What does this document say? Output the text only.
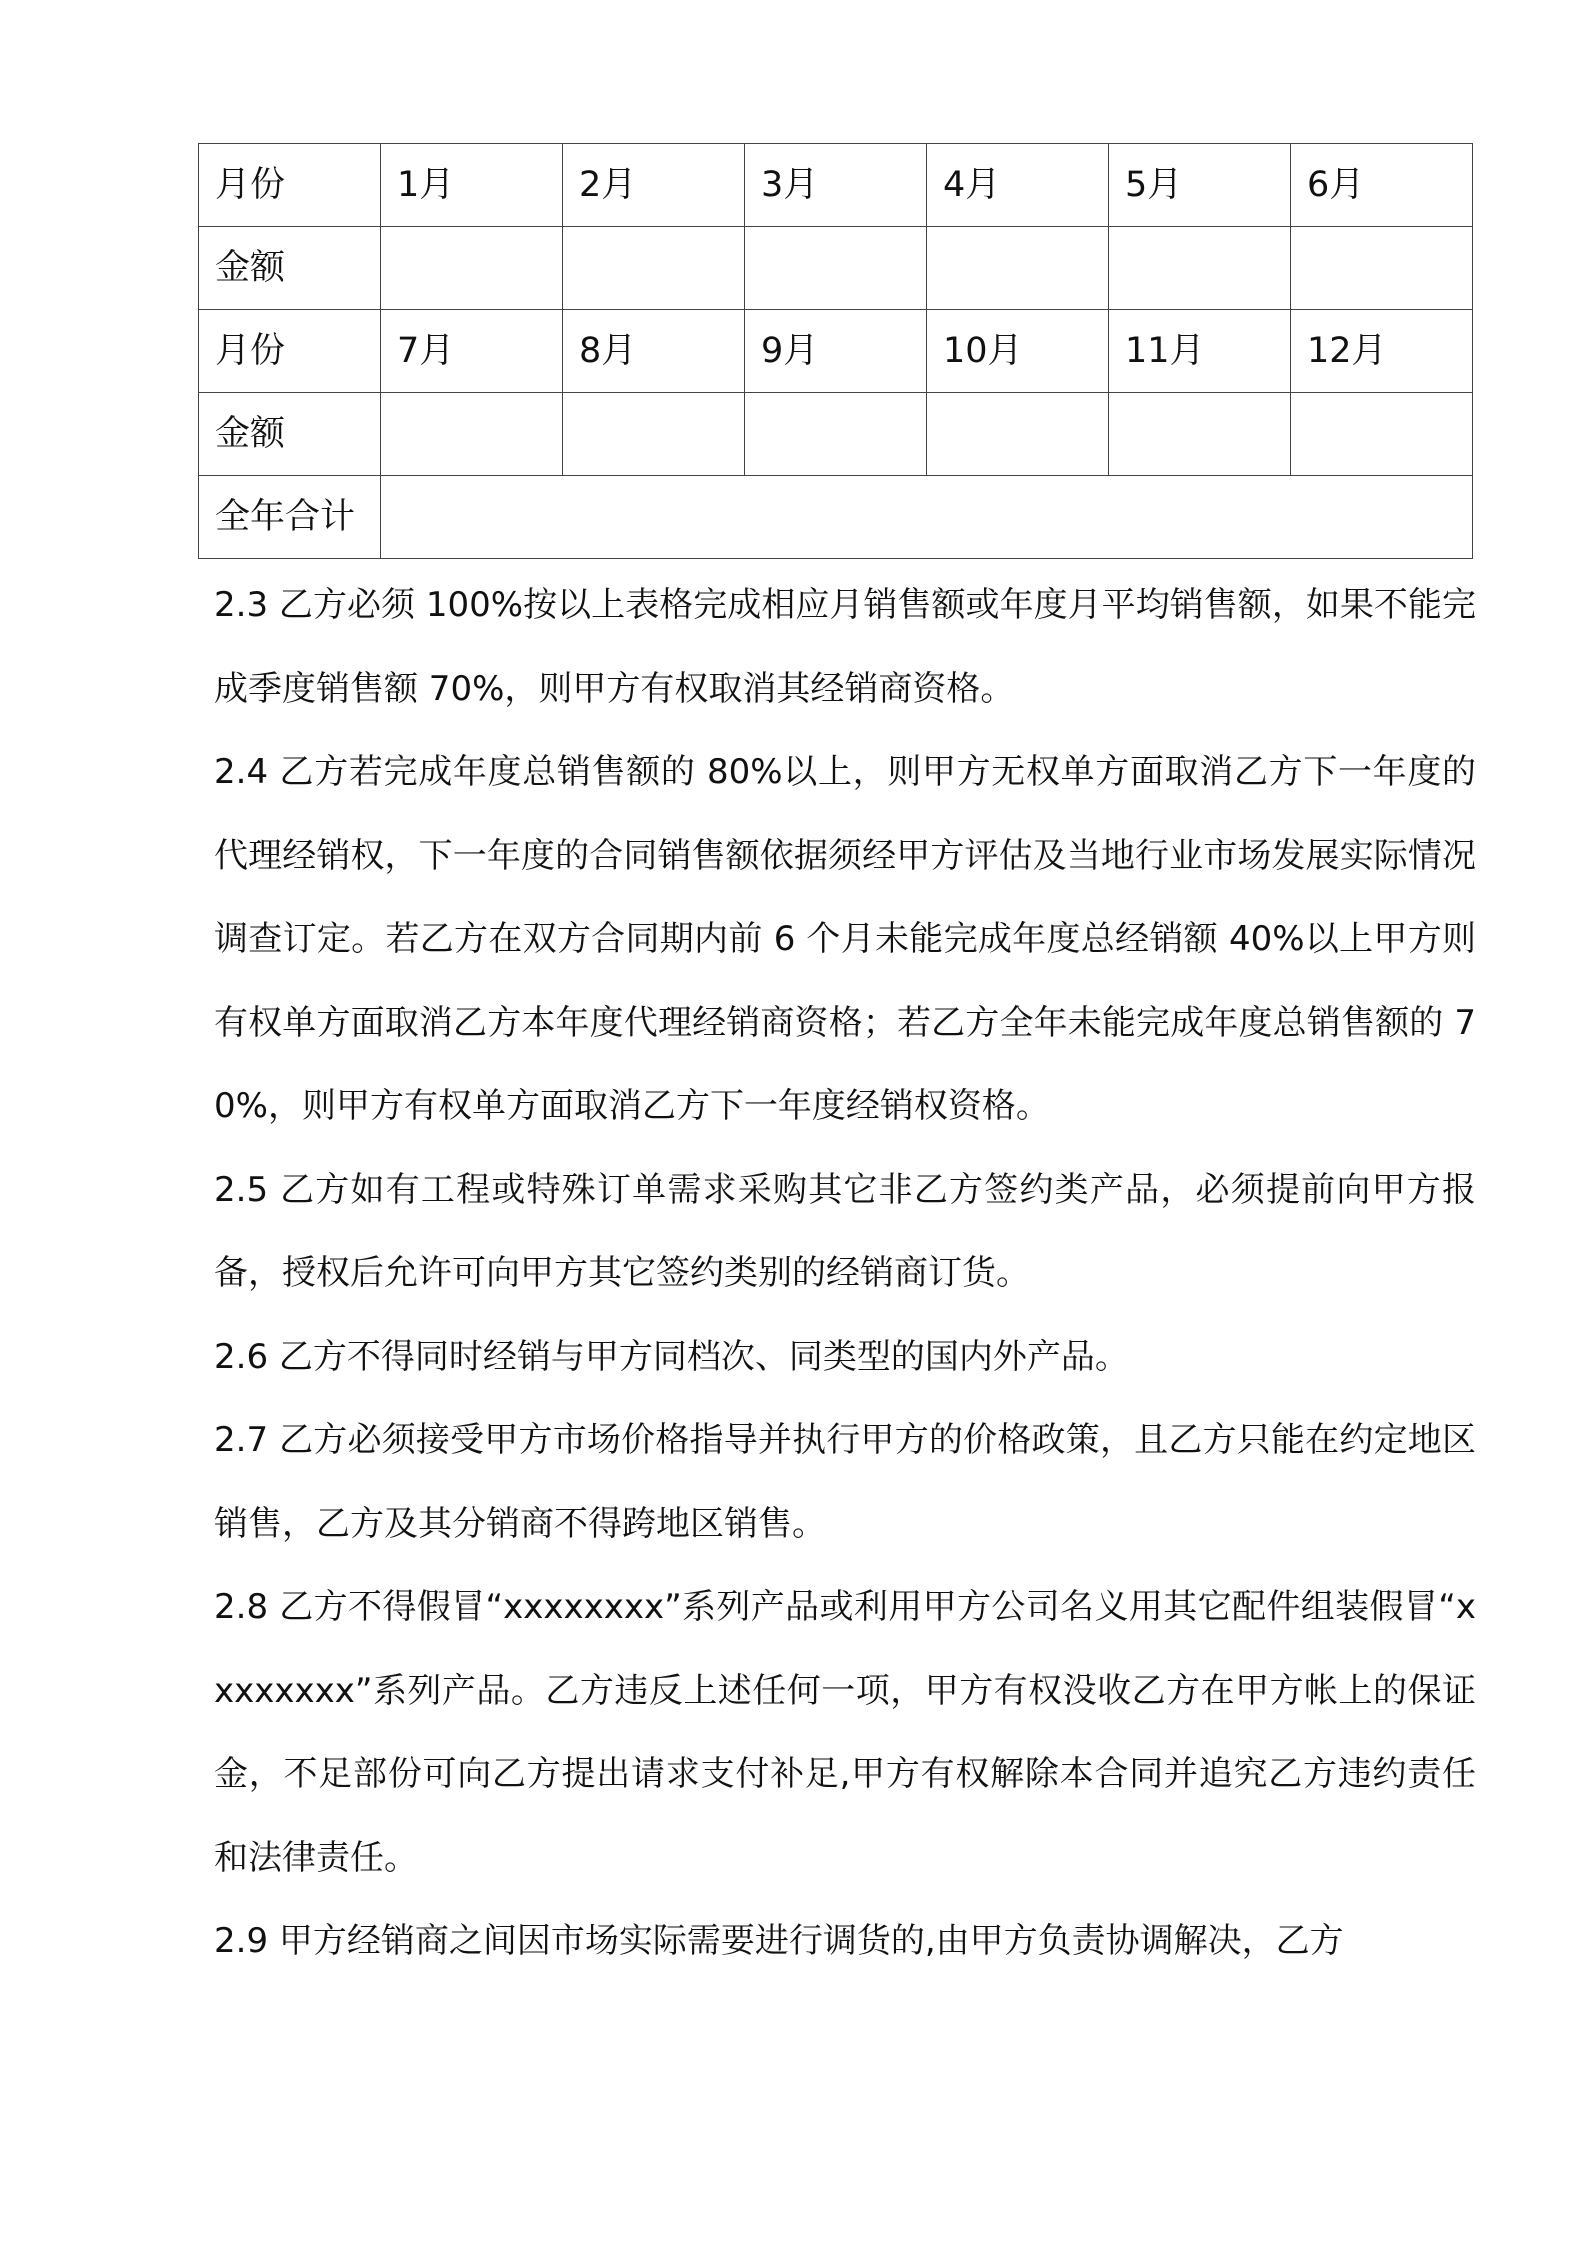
月份	1月	2月	3月	4月	5月	6月
金额						
月份	7月	8月	9月	10月	11月	12月
金额						
全年合计						

2.3 乙方必须 100%按以上表格完成相应月销售额或年度月平均销售额，如果不能完成季度销售额 70%，则甲方有权取消其经销商资格。

2.4 乙方若完成年度总销售额的 80%以上，则甲方无权单方面取消乙方下一年度的代理经销权，下一年度的合同销售额依据须经甲方评估及当地行业市场发展实际情况调查订定。若乙方在双方合同期内前 6 个月未能完成年度总经销额 40%以上甲方则有权单方面取消乙方本年度代理经销商资格；若乙方全年未能完成年度总销售额的 70%，则甲方有权单方面取消乙方下一年度经销权资格。

2.5 乙方如有工程或特殊订单需求采购其它非乙方签约类产品，必须提前向甲方报备，授权后允许可向甲方其它签约类别的经销商订货。

2.6 乙方不得同时经销与甲方同档次、同类型的国内外产品。

2.7 乙方必须接受甲方市场价格指导并执行甲方的价格政策，且乙方只能在约定地区销售，乙方及其分销商不得跨地区销售。

2.8 乙方不得假冒“xxxxxxxx”系列产品或利用甲方公司名义用其它配件组装假冒“xxxxxxxx”系列产品。乙方违反上述任何一项，甲方有权没收乙方在甲方帐上的保证金，不足部份可向乙方提出请求支付补足,甲方有权解除本合同并追究乙方违约责任和法律责任。

2.9 甲方经销商之间因市场实际需要进行调货的,由甲方负责协调解决，乙方
